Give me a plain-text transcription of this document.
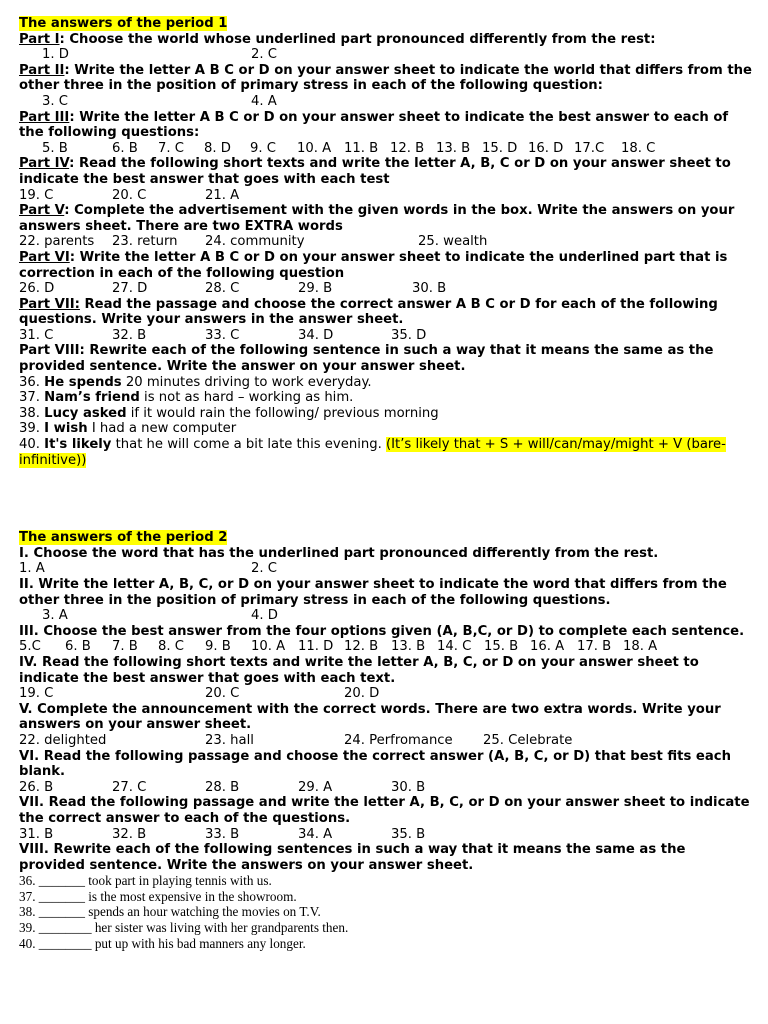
The answers of the period 1
Part I: Choose the world whose underlined part pronounced differently from the rest:
1. D	2. C
Part II: Write the letter A B C or D on your answer sheet to indicate the world that differs from the other three in the position of primary stress in each of the following question:
3. C	4. A
Part III: Write the letter A B C or D on your answer sheet to indicate the best answer to each of the following questions:
5. B	6. B	7. C	8. D	9. C	10. A 11. B 12. B 13. B 15. D 16. D 17.C	18. C
Part IV: Read the following short texts and write the letter A, B, C or D on your answer sheet to indicate the best answer that goes with each test
19. C	20. C	21. A
Part V: Complete the advertisement with the given words in the box. Write the answers on your answers sheet. There are two EXTRA words
22. parents	23. return	24. community	25. wealth
Part VI: Write the letter A B C or D on your answer sheet to indicate the underlined part that is correction in each of the following question
26. D	27. D	28. C	29. B	30. B
Part VII: Read the passage and choose the correct answer A B C or D for each of the following questions. Write your answers in the answer sheet.
31. C	32. B	33. C	34. D	35. D
Part VIII: Rewrite each of the following sentence in such a way that it means the same as the provided sentence. Write the answer on your answer sheet.
36. He spends 20 minutes driving to work everyday.
37. Nam’s friend is not as hard – working as him.
38. Lucy asked if it would rain the following/ previous morning
39. I wish I had a new computer
40. It's likely that he will come a bit late this evening. (It’s likely that + S + will/can/may/might + V (bare-infinitive))
The answers of the period 2
I. Choose the word that has the underlined part pronounced differently from the rest.
1. A	2. C
II. Write the letter A, B, C, or D on your answer sheet to indicate the word that differs from the other three in the position of primary stress in each of the following questions.
3. A	4. D
III. Choose the best answer from the four options given (A, B,C, or D) to complete each sentence.
5.C	6. B	7. B	8. C	9. B	10. A 11. D 12. B 13. B 14. C 15. B 16. A 17. B 18. A
IV. Read the following short texts and write the letter A, B, C, or D on your answer sheet to indicate the best answer that goes with each text.
19. C	20. C	20. D
V. Complete the announcement with the correct words. There are two extra words. Write your answers on your answer sheet.
22. delighted	23. hall	24. Perfromance	25. Celebrate
VI. Read the following passage and choose the correct answer (A, B, C, or D) that best fits each blank.
26. B	27. C	28. B	29. A	30. B
VII. Read the following passage and write the letter A, B, C, or D on your answer sheet to indicate the correct answer to each of the questions.
31. B	32. B	33. B	34. A	35. B
VIII. Rewrite each of the following sentences in such a way that it means the same as the provided sentence. Write the answers on your answer sheet.
36. _______ took part in playing tennis with us.
37. _______ is the most expensive in the showroom.
38. _______ spends an hour watching the movies on T.V.
39. ________ her sister was living with her grandparents then.
40. ________ put up with his bad manners any longer.
